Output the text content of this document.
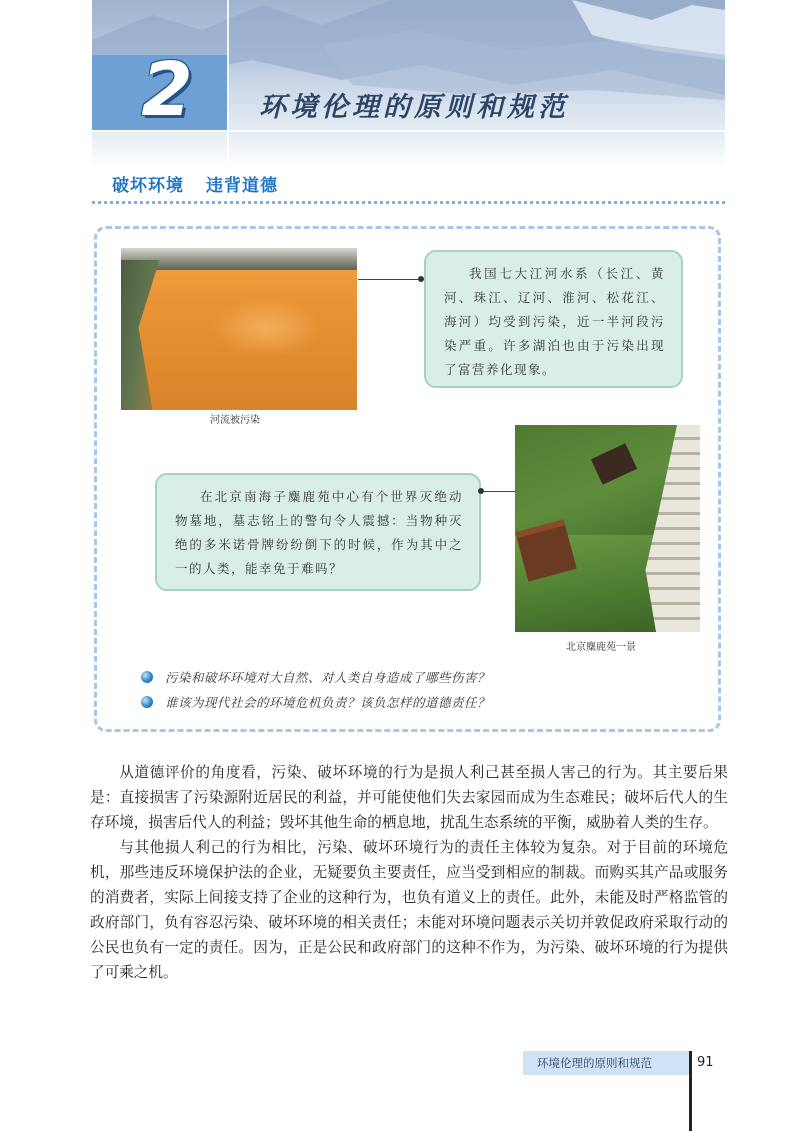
2	环境伦理的原则和规范
破坏环境 违背道德
河流被污染
我国七大江河水系（长江、黄河、珠江、辽河、淮河、松花江、海河）均受到污染，近一半河段污染严重。许多湖泊也由于污染出现了富营养化现象。
在北京南海子麋鹿苑中心有个世界灭绝动物墓地，墓志铭上的警句令人震撼：当物种灭绝的多米诺骨牌纷纷倒下的时候，作为其中之一的人类，能幸免于难吗？
北京麋鹿苑一景
污染和破坏环境对大自然、对人类自身造成了哪些伤害？
谁该为现代社会的环境危机负责？该负怎样的道德责任？

从道德评价的角度看，污染、破坏环境的行为是损人利己甚至损人害己的行为。其主要后果是：直接损害了污染源附近居民的利益，并可能使他们失去家园而成为生态难民；破坏后代人的生存环境，损害后代人的利益；毁坏其他生命的栖息地，扰乱生态系统的平衡，威胁着人类的生存。

与其他损人利己的行为相比，污染、破坏环境行为的责任主体较为复杂。对于目前的环境危机，那些违反环境保护法的企业，无疑要负主要责任，应当受到相应的制裁。而购买其产品或服务的消费者，实际上间接支持了企业的这种行为，也负有道义上的责任。此外，未能及时严格监管的政府部门，负有容忍污染、破坏环境的相关责任；未能对环境问题表示关切并敦促政府采取行动的公民也负有一定的责任。因为，正是公民和政府部门的这种不作为，为污染、破坏环境的行为提供了可乘之机。

环境伦理的原则和规范	91
